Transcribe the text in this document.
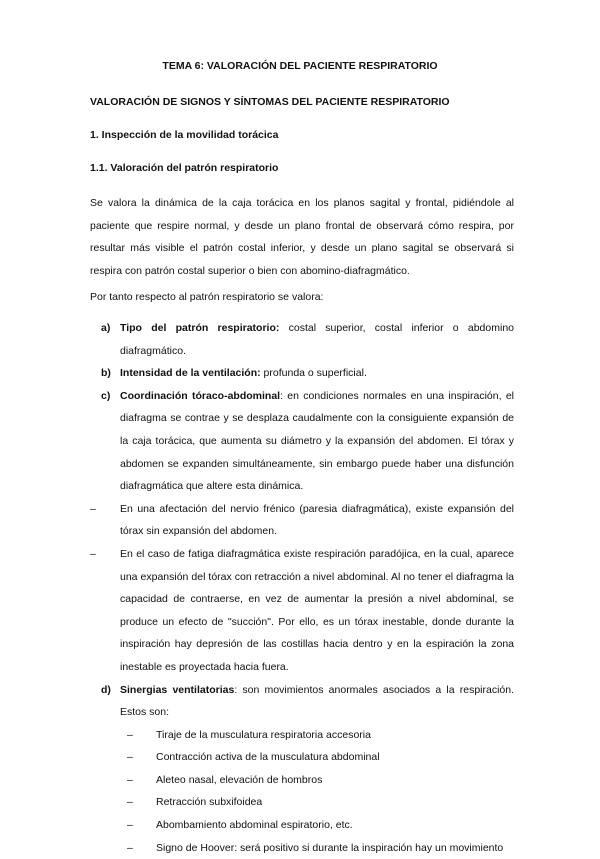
TEMA 6: VALORACIÓN DEL PACIENTE RESPIRATORIO
VALORACIÓN DE SIGNOS Y SÍNTOMAS DEL PACIENTE RESPIRATORIO
1. Inspección de la movilidad torácica
1.1. Valoración del patrón respiratorio
Se valora la dinámica de la caja torácica en los planos sagital y frontal, pidiéndole al paciente que respire normal, y desde un plano frontal de observará cómo respira, por resultar más visible el patrón costal inferior, y desde un plano sagital se observará si respira con patrón costal superior o bien con abomino-diafragmático.
Por tanto respecto al patrón respiratorio se valora:
a) Tipo del patrón respiratorio: costal superior, costal inferior o abdomino diafragmático.
b) Intensidad de la ventilación: profunda o superficial.
c) Coordinación tóraco-abdominal: en condiciones normales en una inspiración, el diafragma se contrae y se desplaza caudalmente con la consiguiente expansión de la caja torácica, que aumenta su diámetro y la expansión del abdomen. El tórax y abdomen se expanden simultáneamente, sin embargo puede haber una disfunción diafragmática que altere esta dinámica.
– En una afectación del nervio frénico (paresia diafragmática), existe expansión del tórax sin expansión del abdomen.
– En el caso de fatiga diafragmática existe respiración paradójica, en la cual, aparece una expansión del tórax con retracción a nivel abdominal. Al no tener el diafragma la capacidad de contraerse, en vez de aumentar la presión a nivel abdominal, se produce un efecto de "succión". Por ello, es un tórax inestable, donde durante la inspiración hay depresión de las costillas hacia dentro y en la espiración la zona inestable es proyectada hacia fuera.
d) Sinergias ventilatorias: son movimientos anormales asociados a la respiración. Estos son:
– Tiraje de la musculatura respiratoria accesoria
– Contracción activa de la musculatura abdominal
– Aleteo nasal, elevación de hombros
– Retracción subxifoidea
– Abombamiento abdominal espiratorio, etc.
– Signo de Hoover: será positivo si durante la inspiración hay un movimiento
